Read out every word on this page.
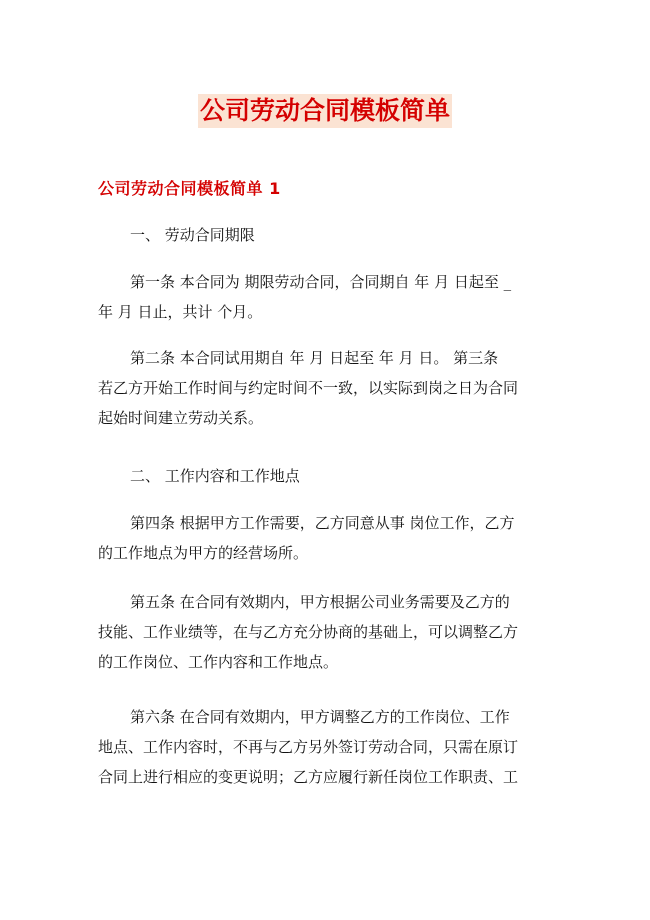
公司劳动合同模板简单
公司劳动合同模板简单 1
一、 劳动合同期限
第一条 本合同为 期限劳动合同，合同期自 年 月 日起至 _
年 月 日止，共计 个月。
第二条 本合同试用期自 年 月 日起至 年 月 日。 第三条
若乙方开始工作时间与约定时间不一致，以实际到岗之日为合同
起始时间建立劳动关系。
二、 工作内容和工作地点
第四条 根据甲方工作需要，乙方同意从事 岗位工作，乙方
的工作地点为甲方的经营场所。
第五条 在合同有效期内，甲方根据公司业务需要及乙方的
技能、工作业绩等，在与乙方充分协商的基础上，可以调整乙方
的工作岗位、工作内容和工作地点。
第六条 在合同有效期内，甲方调整乙方的工作岗位、工作
地点、工作内容时，不再与乙方另外签订劳动合同，只需在原订
合同上进行相应的变更说明；乙方应履行新任岗位工作职责、工
